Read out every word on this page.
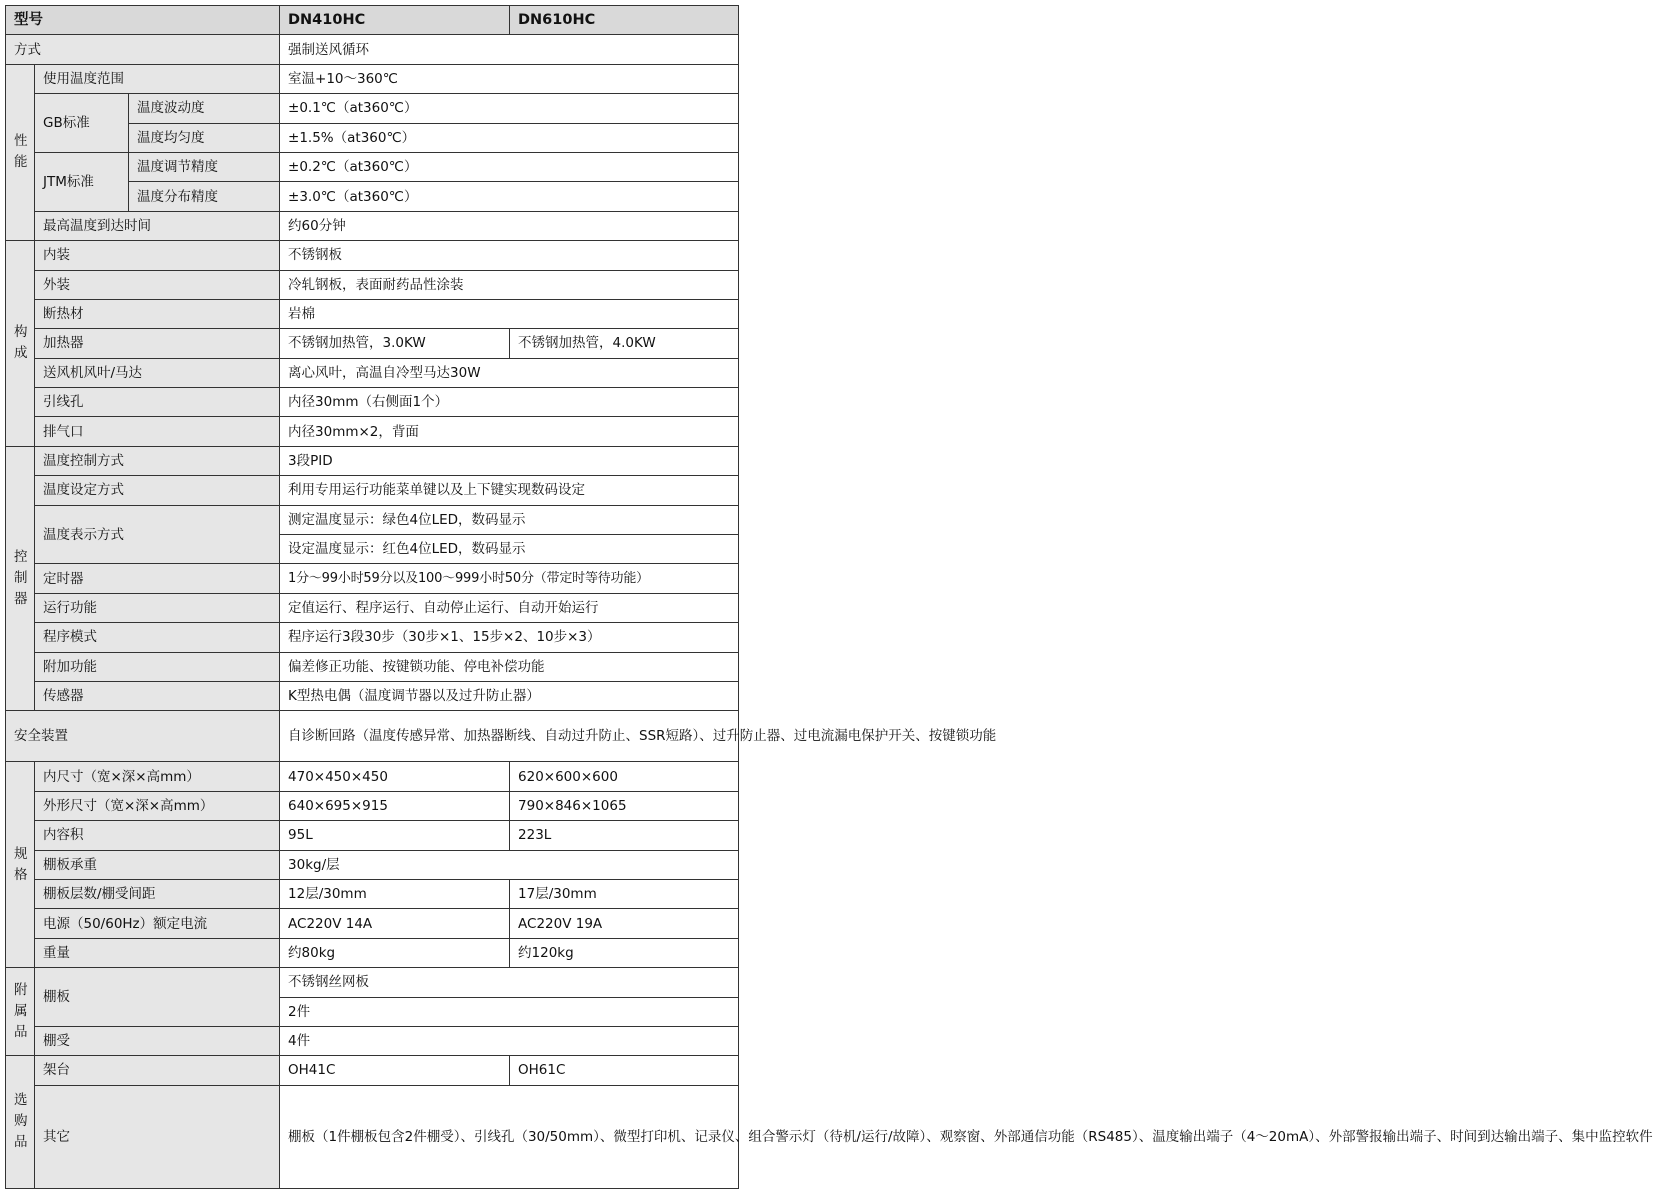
型号			DN410HC	DN610HC
方式			强制送风循环	
性能	使用温度范围		室温+10～360℃	
	GB标准	温度波动度	±0.1℃（at360℃）	
		温度均匀度	±1.5%（at360℃）	
	JTM标准	温度调节精度	±0.2℃（at360℃）	
		温度分布精度	±3.0℃（at360℃）	
	最高温度到达时间		约60分钟	
构成	内装		不锈钢板	
	外装		冷轧钢板，表面耐药品性涂装	
	断热材		岩棉	
	加热器		不锈钢加热管，3.0KW	不锈钢加热管，4.0KW
	送风机风叶/马达		离心风叶，高温自冷型马达30W	
	引线孔		内径30mm（右侧面1个）	
	排气口		内径30mm×2，背面	
控制器	温度控制方式		3段PID	
	温度设定方式		利用专用运行功能菜单键以及上下键实现数码设定	
	温度表示方式		测定温度显示：绿色4位LED，数码显示	
			设定温度显示：红色4位LED，数码显示	
	定时器		1分～99小时59分以及100～999小时50分（带定时等待功能）	
	运行功能		定值运行、程序运行、自动停止运行、自动开始运行	
	程序模式		程序运行3段30步（30步×1、15步×2、10步×3）	
	附加功能		偏差修正功能、按键锁功能、停电补偿功能	
	传感器		K型热电偶（温度调节器以及过升防止器）	
安全装置			自诊断回路（温度传感异常、加热器断线、自动过升防止、SSR短路）、过升防止器、过电流漏电保护开关、按键锁功能	
规格	内尺寸（宽×深×高mm）		470×450×450	620×600×600
	外形尺寸（宽×深×高mm）		640×695×915	790×846×1065
	内容积		95L	223L
	棚板承重		30kg/层	
	棚板层数/棚受间距		12层/30mm	17层/30mm
	电源（50/60Hz）额定电流		AC220V 14A	AC220V 19A
	重量		约80kg	约120kg
附属品	棚板		不锈钢丝网板	
			2件	
	棚受		4件	
选购品	架台		OH41C	OH61C
	其它		棚板（1件棚板包含2件棚受）、引线孔（30/50mm）、微型打印机、记录仪、组合警示灯（待机/运行/故障）、观察窗、外部通信功能（RS485）、温度输出端子（4～20mA）、外部警报输出端子、时间到达输出端子、集中监控软件	
